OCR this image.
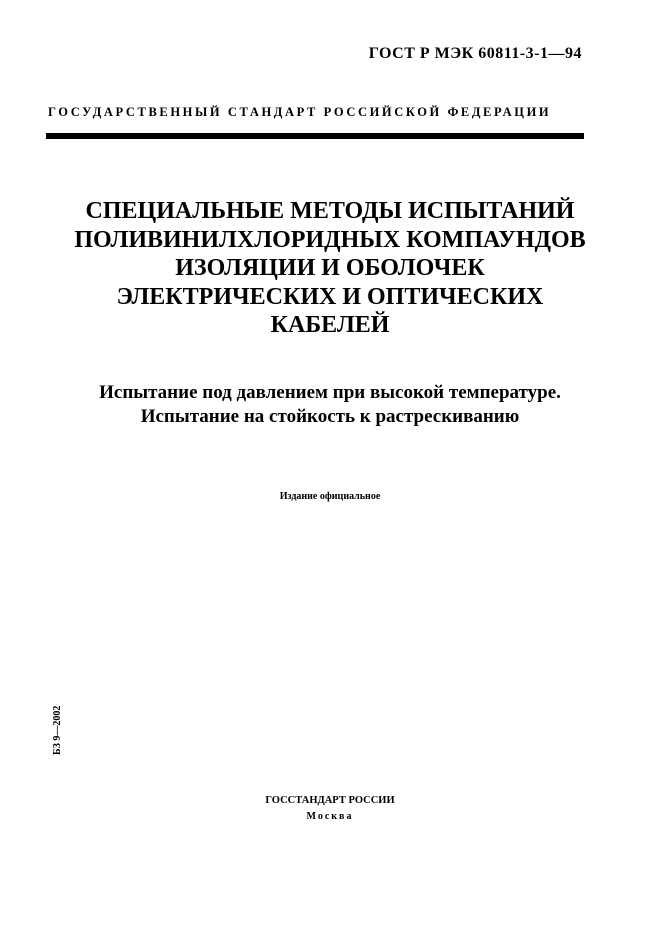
ГОСТ Р МЭК 60811-3-1—94
ГОСУДАРСТВЕННЫЙ СТАНДАРТ РОССИЙСКОЙ ФЕДЕРАЦИИ
СПЕЦИАЛЬНЫЕ МЕТОДЫ ИСПЫТАНИЙ
ПОЛИВИНИЛХЛОРИДНЫХ КОМПАУНДОВ
ИЗОЛЯЦИИ И ОБОЛОЧЕК
ЭЛЕКТРИЧЕСКИХ И ОПТИЧЕСКИХ
КАБЕЛЕЙ
Испытание под давлением при высокой температуре.
Испытание на стойкость к растрескиванию
Издание официальное
БЗ 9—2002
ГОССТАНДАРТ РОССИИ
Москва
